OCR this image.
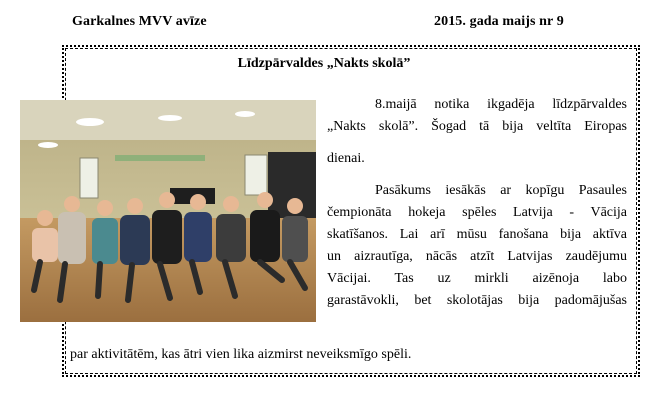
Garkalnes MVV avīze	2015. gada maijs nr 9
Līdzpārvaldes „Nakts skolā”

8.maijā notika ikgadēja līdzpārvaldes
„Nakts skolā”. Šogad tā bija veltīta Eiropas

dienai.

Pasākums iesākās ar kopīgu Pasaules
čempionāta hokeja spēles Latvija - Vācija
skatīšanos. Lai arī mūsu fanošana bija aktīva
un aizrautīga, nācās atzīt Latvijas zaudējumu
Vācijai. Tas uz mirkli aizēnoja labo
garastāvokli, bet skolotājas bija padomājušas

par aktivitātēm, kas ātri vien lika aizmirst neveiksmīgo spēli.
